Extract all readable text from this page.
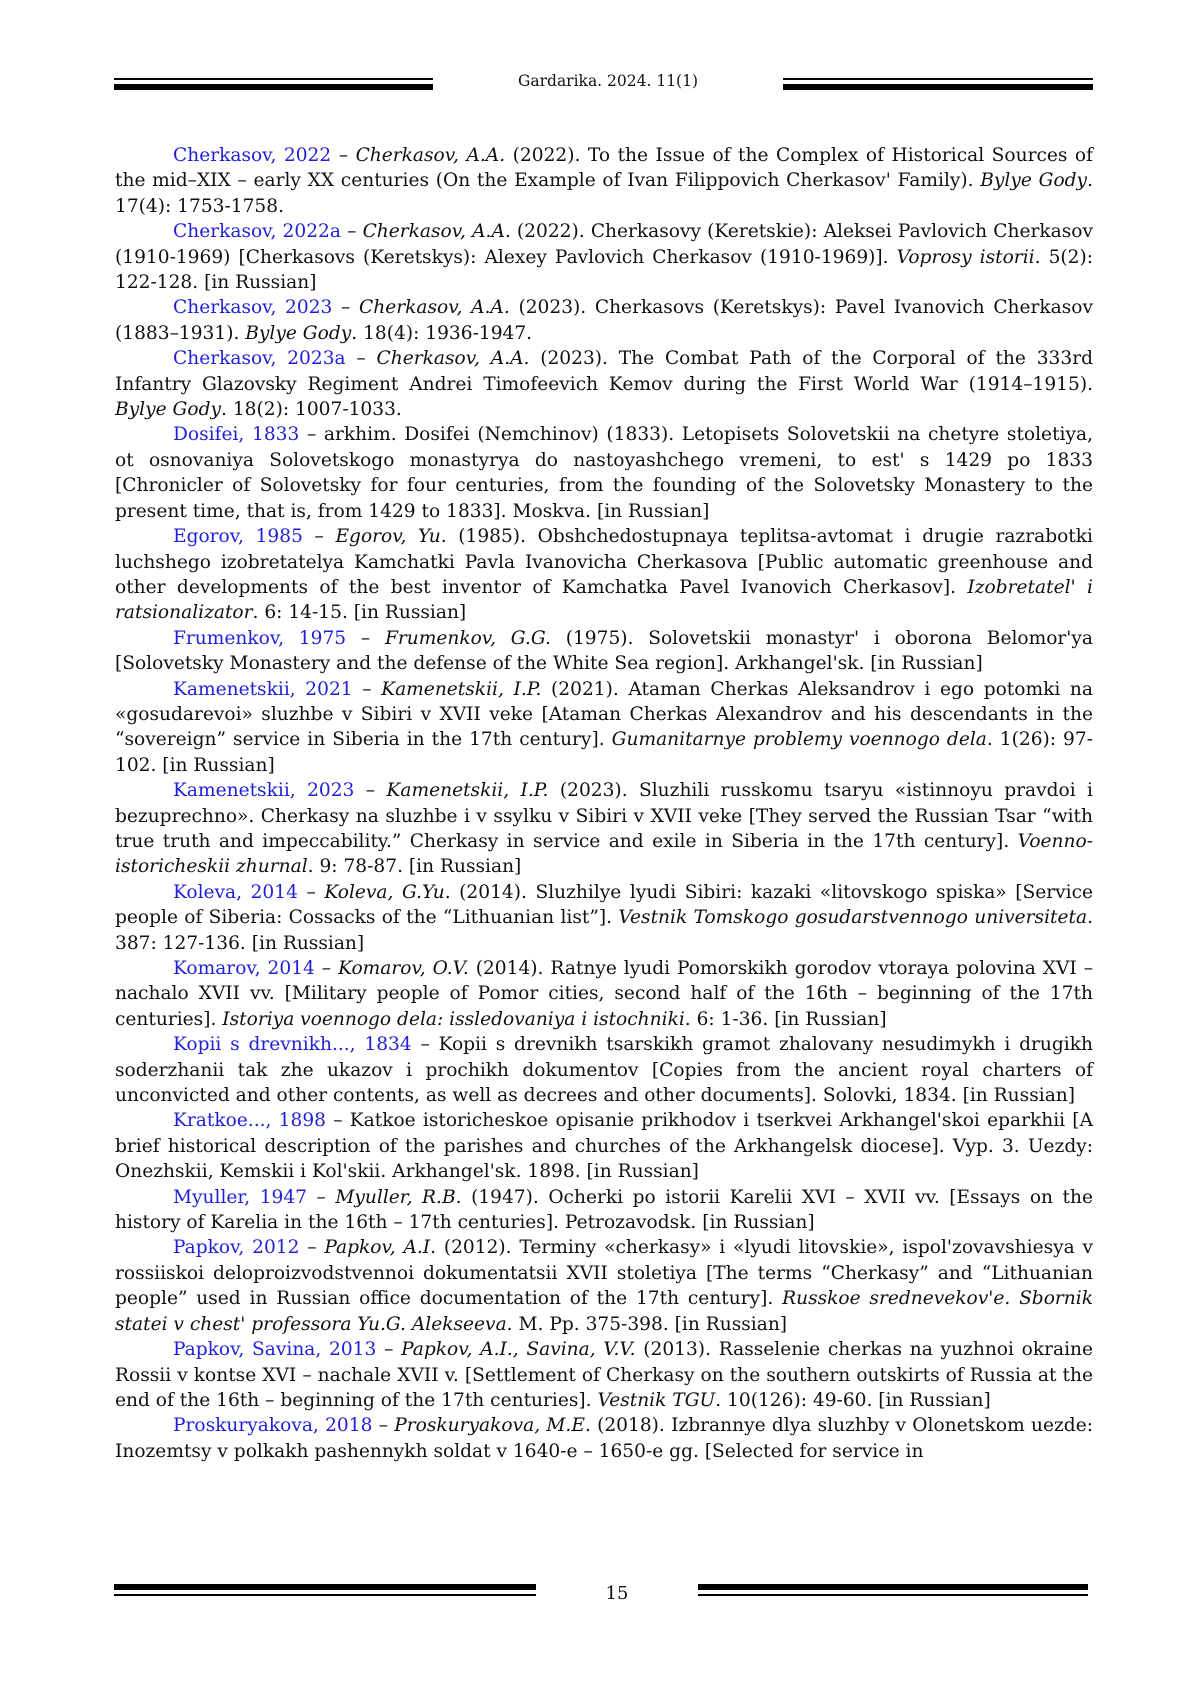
Gardarika. 2024. 11(1)

Cherkasov, 2022 – Cherkasov, A.A. (2022). To the Issue of the Complex of Historical Sources of the mid–XIX – early XX centuries (On the Example of Ivan Filippovich Cherkasov' Family). Bylye Gody. 17(4): 1753-1758.

Cherkasov, 2022a – Cherkasov, A.A. (2022). Cherkasovy (Keretskie): Aleksei Pavlovich Cherkasov (1910-1969) [Cherkasovs (Keretskys): Alexey Pavlovich Cherkasov (1910-1969)]. Voprosy istorii. 5(2): 122-128. [in Russian]

Cherkasov, 2023 – Cherkasov, A.A. (2023). Cherkasovs (Keretskys): Pavel Ivanovich Cherkasov (1883–1931). Bylye Gody. 18(4): 1936-1947.

Cherkasov, 2023a – Cherkasov, A.A. (2023). The Combat Path of the Corporal of the 333rd Infantry Glazovsky Regiment Andrei Timofeevich Kemov during the First World War (1914–1915). Bylye Gody. 18(2): 1007-1033.

Dosifei, 1833 – arkhim. Dosifei (Nemchinov) (1833). Letopisets Solovetskii na chetyre stoletiya, ot osnovaniya Solovetskogo monastyrya do nastoyashchego vremeni, to est' s 1429 po 1833 [Chronicler of Solovetsky for four centuries, from the founding of the Solovetsky Monastery to the present time, that is, from 1429 to 1833]. Moskva. [in Russian]

Egorov, 1985 – Egorov, Yu. (1985). Obshchedostupnaya teplitsa-avtomat i drugie razrabotki luchshego izobretatelya Kamchatki Pavla Ivanovicha Cherkasova [Public automatic greenhouse and other developments of the best inventor of Kamchatka Pavel Ivanovich Cherkasov]. Izobretatel' i ratsionalizator. 6: 14-15. [in Russian]

Frumenkov, 1975 – Frumenkov, G.G. (1975). Solovetskii monastyr' i oborona Belomor'ya [Solovetsky Monastery and the defense of the White Sea region]. Arkhangel'sk. [in Russian]

Kamenetskii, 2021 – Kamenetskii, I.P. (2021). Ataman Cherkas Aleksandrov i ego potomki na «gosudarevoi» sluzhbe v Sibiri v XVII veke [Ataman Cherkas Alexandrov and his descendants in the “sovereign” service in Siberia in the 17th century]. Gumanitarnye problemy voennogo dela. 1(26): 97-102. [in Russian]

Kamenetskii, 2023 – Kamenetskii, I.P. (2023). Sluzhili russkomu tsaryu «istinnoyu pravdoi i bezuprechno». Cherkasy na sluzhbe i v ssylku v Sibiri v XVII veke [They served the Russian Tsar “with true truth and impeccability.” Cherkasy in service and exile in Siberia in the 17th century]. Voenno-istoricheskii zhurnal. 9: 78-87. [in Russian]

Koleva, 2014 – Koleva, G.Yu. (2014). Sluzhilye lyudi Sibiri: kazaki «litovskogo spiska» [Service people of Siberia: Cossacks of the “Lithuanian list”]. Vestnik Tomskogo gosudarstvennogo universiteta. 387: 127-136. [in Russian]

Komarov, 2014 – Komarov, O.V. (2014). Ratnye lyudi Pomorskikh gorodov vtoraya polovina XVI – nachalo XVII vv. [Military people of Pomor cities, second half of the 16th – beginning of the 17th centuries]. Istoriya voennogo dela: issledovaniya i istochniki. 6: 1-36. [in Russian]

Kopii s drevnikh..., 1834 – Kopii s drevnikh tsarskikh gramot zhalovany nesudimykh i drugikh soderzhanii tak zhe ukazov i prochikh dokumentov [Copies from the ancient royal charters of unconvicted and other contents, as well as decrees and other documents]. Solovki, 1834. [in Russian]

Kratkoe..., 1898 – Katkoe istoricheskoe opisanie prikhodov i tserkvei Arkhangel'skoi eparkhii [A brief historical description of the parishes and churches of the Arkhangelsk diocese]. Vyp. 3. Uezdy: Onezhskii, Kemskii i Kol'skii. Arkhangel'sk. 1898. [in Russian]

Myuller, 1947 – Myuller, R.B. (1947). Ocherki po istorii Karelii XVI – XVII vv. [Essays on the history of Karelia in the 16th – 17th centuries]. Petrozavodsk. [in Russian]

Papkov, 2012 – Papkov, A.I. (2012). Terminy «cherkasy» i «lyudi litovskie», ispol'zovavshiesya v rossiiskoi deloproizvodstvennoi dokumentatsii XVII stoletiya [The terms “Cherkasy” and “Lithuanian people” used in Russian office documentation of the 17th century]. Russkoe srednevekov'e. Sbornik statei v chest' professora Yu.G. Alekseeva. M. Pp. 375-398. [in Russian]

Papkov, Savina, 2013 – Papkov, A.I., Savina, V.V. (2013). Rasselenie cherkas na yuzhnoi okraine Rossii v kontse XVI – nachale XVII v. [Settlement of Cherkasy on the southern outskirts of Russia at the end of the 16th – beginning of the 17th centuries]. Vestnik TGU. 10(126): 49-60. [in Russian]

Proskuryakova, 2018 – Proskuryakova, M.E. (2018). Izbrannye dlya sluzhby v Olonetskom uezde: Inozemtsy v polkakh pashennykh soldat v 1640-e – 1650-e gg. [Selected for service in

15
